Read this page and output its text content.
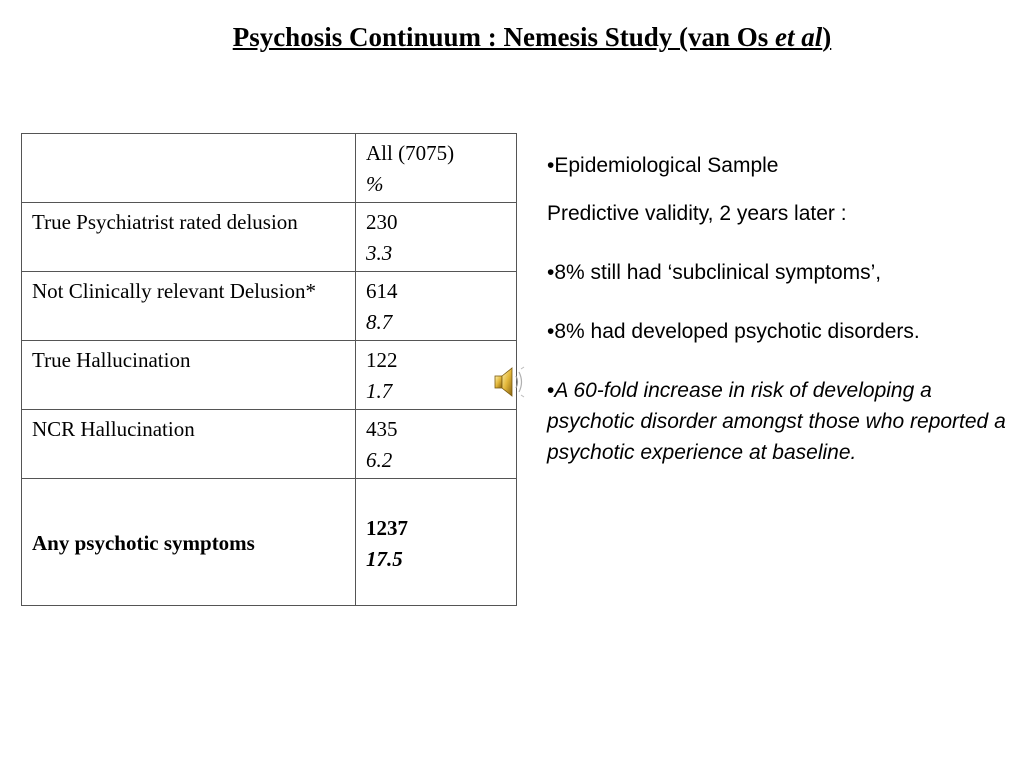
Psychosis Continuum : Nemesis Study (van Os et al)

	All (7075)
%

True Psychiatrist rated delusion	230
3.3

Not Clinically relevant Delusion*	614
8.7

True Hallucination	122
1.7

NCR Hallucination	435
6.2

Any psychotic symptoms	1237
17.5

•Epidemiological Sample

Predictive validity, 2 years later :

•8% still had ‘subclinical symptoms’,

•8% had developed psychotic disorders.

•A 60-fold increase in risk of developing a psychotic disorder amongst those who reported a psychotic experience at baseline.
